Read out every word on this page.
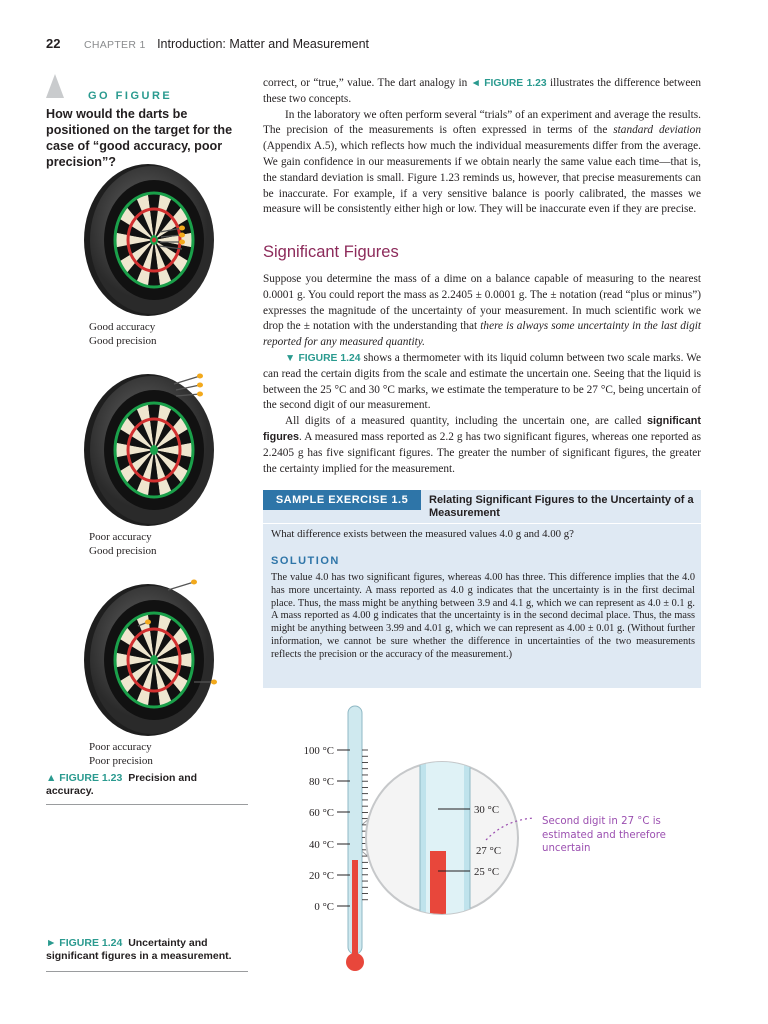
22 CHAPTER 1 Introduction: Matter and Measurement
GO FIGURE
How would the darts be positioned on the target for the case of “good accuracy, poor precision”?
Good accuracy
Good precision
Poor accuracy
Good precision
Poor accuracy
Poor precision
▲ FIGURE 1.23 Precision and accuracy.
► FIGURE 1.24 Uncertainty and significant figures in a measurement.

correct, or “true,” value. The dart analogy in ◄ FIGURE 1.23 illustrates the difference between these two concepts.

In the laboratory we often perform several “trials” of an experiment and average the results. The precision of the measurements is often expressed in terms of the standard deviation (Appendix A.5), which reflects how much the individual measurements differ from the average. We gain confidence in our measurements if we obtain nearly the same value each time—that is, the standard deviation is small. Figure 1.23 reminds us, however, that precise measurements can be inaccurate. For example, if a very sensitive balance is poorly calibrated, the masses we measure will be consistently either high or low. They will be inaccurate even if they are precise.

Significant Figures

Suppose you determine the mass of a dime on a balance capable of measuring to the nearest 0.0001 g. You could report the mass as 2.2405 ± 0.0001 g. The ± notation (read “plus or minus”) expresses the magnitude of the uncertainty of your measurement. In much scientific work we drop the ± notation with the understanding that there is always some uncertainty in the last digit reported for any measured quantity.

▼ FIGURE 1.24 shows a thermometer with its liquid column between two scale marks. We can read the certain digits from the scale and estimate the uncertain one. Seeing that the liquid is between the 25 °C and 30 °C marks, we estimate the temperature to be 27 °C, being uncertain of the second digit of our measurement.

All digits of a measured quantity, including the uncertain one, are called significant figures. A measured mass reported as 2.2 g has two significant figures, whereas one reported as 2.2405 g has five significant figures. The greater the number of significant figures, the greater the certainty implied for the measurement.

SAMPLE EXERCISE 1.5	Relating Significant Figures to the Uncertainty of a Measurement
What difference exists between the measured values 4.0 g and 4.00 g?
SOLUTION
The value 4.0 has two significant figures, whereas 4.00 has three. This difference implies that the 4.0 has more uncertainty. A mass reported as 4.0 g indicates that the uncertainty is in the first decimal place. Thus, the mass might be anything between 3.9 and 4.1 g, which we can represent as 4.0 ± 0.1 g. A mass reported as 4.00 g indicates that the uncertainty is in the second decimal place. Thus, the mass might be anything between 3.99 and 4.01 g, which we can represent as 4.00 ± 0.01 g. (Without further information, we cannot be sure whether the difference in uncertainties of the two measurements reflects the precision or the accuracy of the measurement.)
100 °C
80 °C
60 °C
40 °C
20 °C
0 °C
30 °C
25 °C
27 °C
Second digit in 27 °C is estimated and therefore uncertain
